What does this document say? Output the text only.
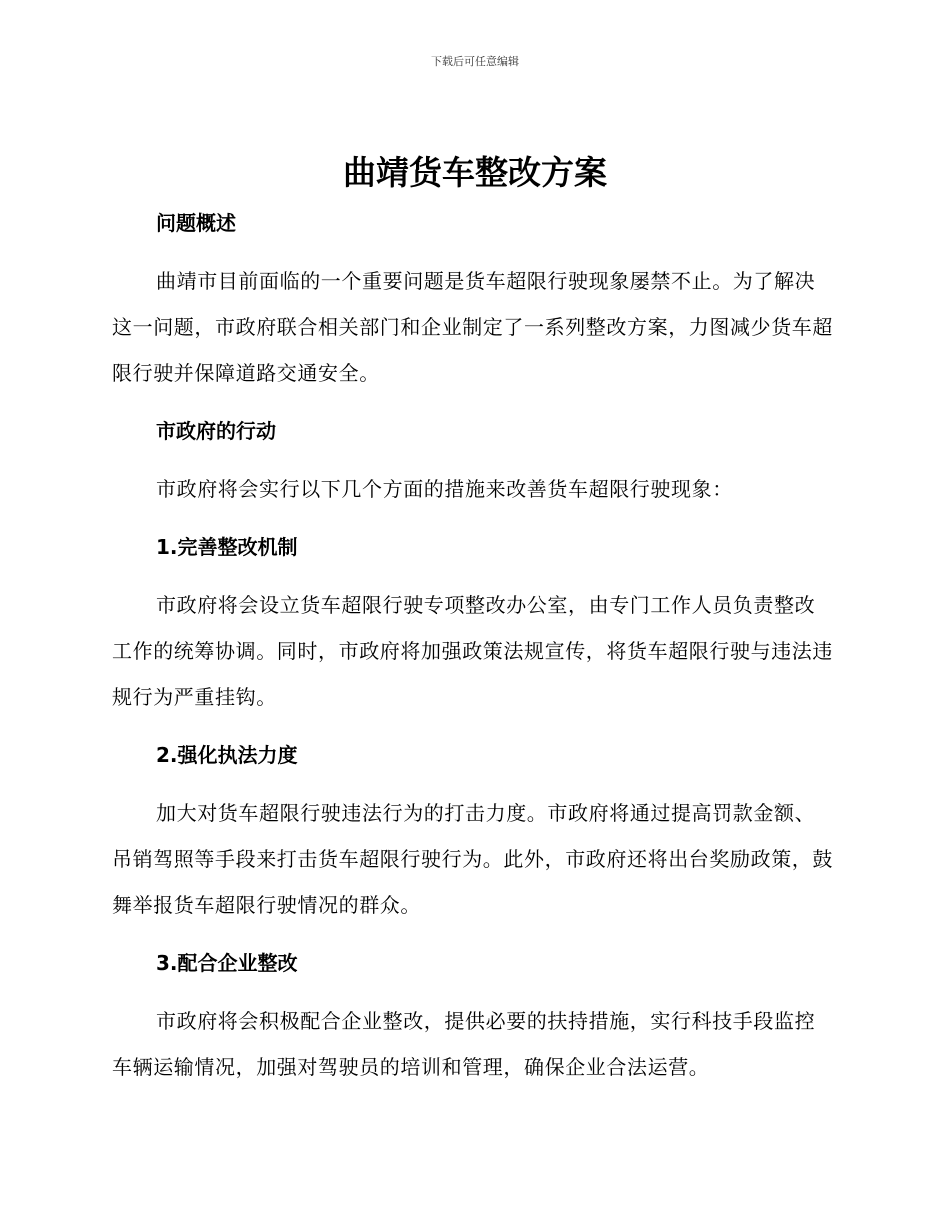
下载后可任意编辑
曲靖货车整改方案
问题概述
曲靖市目前面临的一个重要问题是货车超限行驶现象屡禁不止。为了解决这一问题，市政府联合相关部门和企业制定了一系列整改方案，力图减少货车超限行驶并保障道路交通安全。
市政府的行动
市政府将会实行以下几个方面的措施来改善货车超限行驶现象：
1.完善整改机制
市政府将会设立货车超限行驶专项整改办公室，由专门工作人员负责整改工作的统筹协调。同时，市政府将加强政策法规宣传，将货车超限行驶与违法违规行为严重挂钩。
2.强化执法力度
加大对货车超限行驶违法行为的打击力度。市政府将通过提高罚款金额、吊销驾照等手段来打击货车超限行驶行为。此外，市政府还将出台奖励政策，鼓舞举报货车超限行驶情况的群众。
3.配合企业整改
市政府将会积极配合企业整改，提供必要的扶持措施，实行科技手段监控车辆运输情况，加强对驾驶员的培训和管理，确保企业合法运营。
